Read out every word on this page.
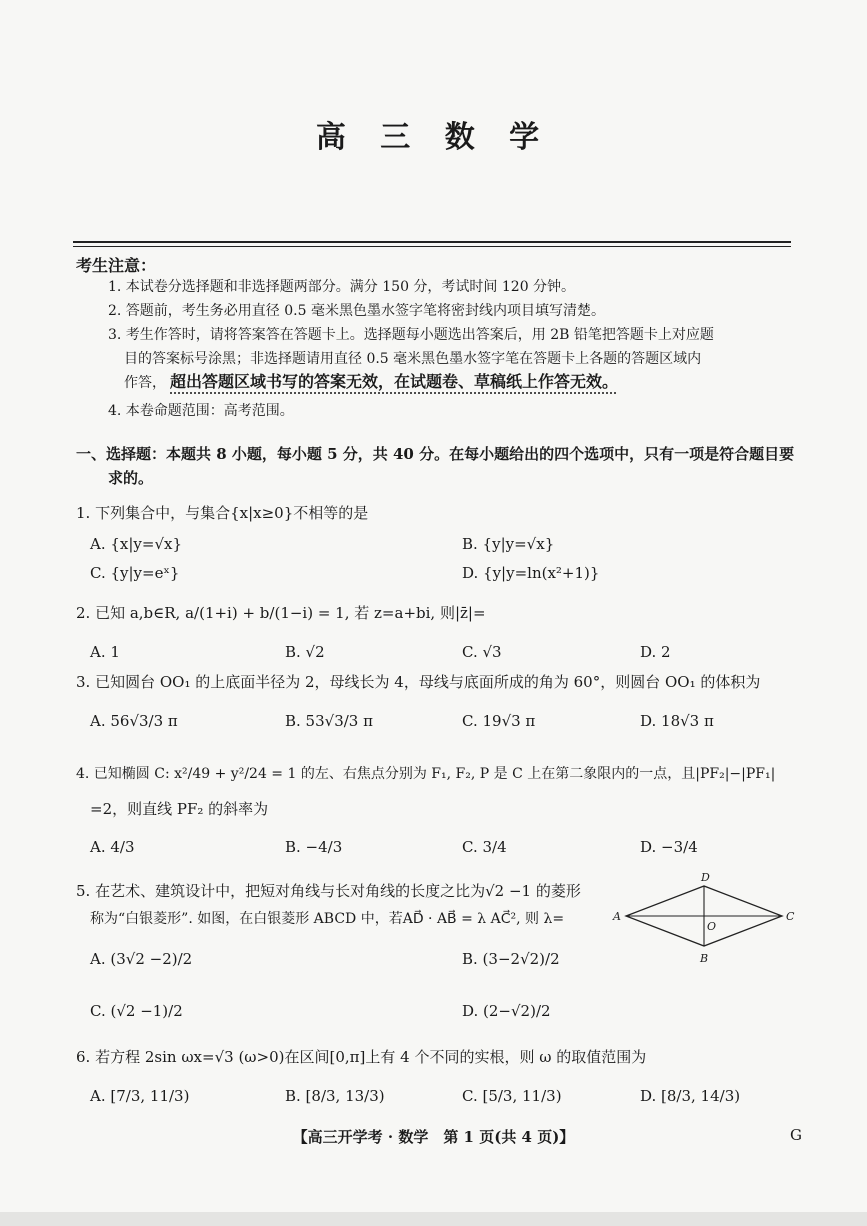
高 三 数 学
考生注意：
1. 本试卷分选择题和非选择题两部分。满分 150 分，考试时间 120 分钟。
2. 答题前，考生务必用直径 0.5 毫米黑色墨水签字笔将密封线内项目填写清楚。
3. 考生作答时，请将答案答在答题卡上。选择题每小题选出答案后，用 2B 铅笔把答题卡上对应题
目的答案标号涂黑；非选择题请用直径 0.5 毫米黑色墨水签字笔在答题卡上各题的答题区域内
作答， 超出答题区域书写的答案无效，在试题卷、草稿纸上作答无效。
4. 本卷命题范围：高考范围。
一、选择题：本题共 8 小题，每小题 5 分，共 40 分。在每小题给出的四个选项中，只有一项是符合题目要
求的。
1. 下列集合中，与集合{x|x≥0}不相等的是
A. {x|y=√x}	B. {y|y=√x}
C. {y|y=eˣ}	D. {y|y=ln(x²+1)}
2. 已知 a,b∈R, a/(1+i) + b/(1−i) = 1, 若 z=a+bi, 则|z̄|=
A. 1	B. √2	C. √3	D. 2
3. 已知圆台 OO₁ 的上底面半径为 2，母线长为 4，母线与底面所成的角为 60°，则圆台 OO₁ 的体积为
A. 56√3/3 π	B. 53√3/3 π	C. 19√3 π	D. 18√3 π
4. 已知椭圆 C: x²/49 + y²/24 = 1 的左、右焦点分别为 F₁, F₂, P 是 C 上在第二象限内的一点，且|PF₂|−|PF₁|
=2，则直线 PF₂ 的斜率为
A. 4/3	B. −4/3	C. 3/4	D. −3/4
5. 在艺术、建筑设计中，把短对角线与长对角线的长度之比为√2 −1 的菱形
称为“白银菱形”. 如图，在白银菱形 ABCD 中，若AD⃗ · AB⃗ = λ AC⃗², 则 λ=
D
A
O
C
B
A. (3√2 −2)/2	B. (3−2√2)/2
C. (√2 −1)/2	D. (2−√2)/2
6. 若方程 2sin ωx=√3 (ω>0)在区间[0,π]上有 4 个不同的实根，则 ω 的取值范围为
A. [7/3, 11/3)	B. [8/3, 13/3)	C. [5/3, 11/3)	D. [8/3, 14/3)
【高三开学考 · 数学　第 1 页(共 4 页)】	G
